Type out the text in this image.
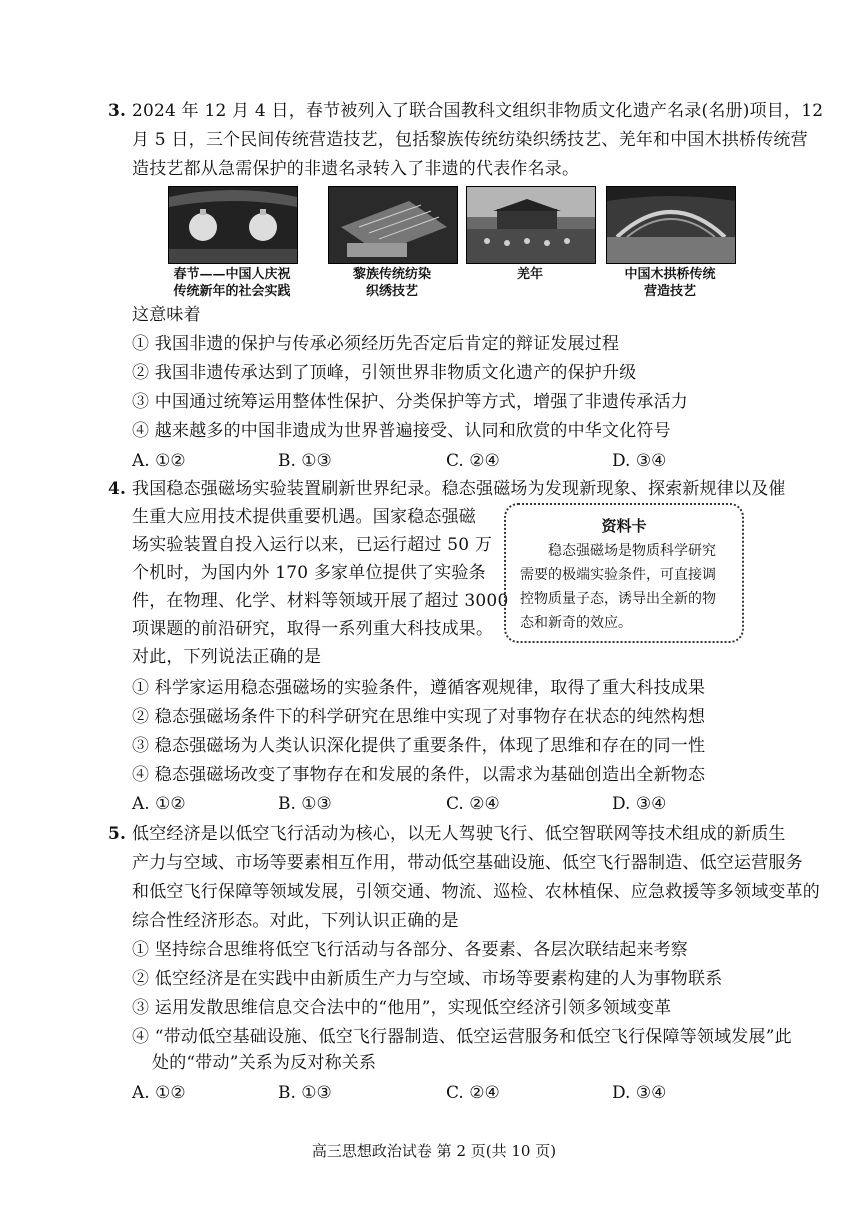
3. 2024 年 12 月 4 日，春节被列入了联合国教科文组织非物质文化遗产名录(名册)项目，12
月 5 日，三个民间传统营造技艺，包括黎族传统纺染织绣技艺、羌年和中国木拱桥传统营
造技艺都从急需保护的非遗名录转入了非遗的代表作名录。
春节——中国人庆祝
传统新年的社会实践
黎族传统纺染
织绣技艺
羌年	中国木拱桥传统
营造技艺
这意味着
① 我国非遗的保护与传承必须经历先否定后肯定的辩证发展过程
② 我国非遗传承达到了顶峰，引领世界非物质文化遗产的保护升级
③ 中国通过统筹运用整体性保护、分类保护等方式，增强了非遗传承活力
④ 越来越多的中国非遗成为世界普遍接受、认同和欣赏的中华文化符号
A. ①②	B. ①③	C. ②④	D. ③④
4. 我国稳态强磁场实验装置刷新世界纪录。稳态强磁场为发现新现象、探索新规律以及催
生重大应用技术提供重要机遇。国家稳态强磁
场实验装置自投入运行以来，已运行超过 50 万
个机时，为国内外 170 多家单位提供了实验条
件，在物理、化学、材料等领域开展了超过 3000
项课题的前沿研究，取得一系列重大科技成果。
对此，下列说法正确的是
资料卡
稳态强磁场是物质科学研究
需要的极端实验条件，可直接调
控物质量子态，诱导出全新的物
态和新奇的效应。
① 科学家运用稳态强磁场的实验条件，遵循客观规律，取得了重大科技成果
② 稳态强磁场条件下的科学研究在思维中实现了对事物存在状态的纯然构想
③ 稳态强磁场为人类认识深化提供了重要条件，体现了思维和存在的同一性
④ 稳态强磁场改变了事物存在和发展的条件，以需求为基础创造出全新物态
A. ①②	B. ①③	C. ②④	D. ③④
5. 低空经济是以低空飞行活动为核心，以无人驾驶飞行、低空智联网等技术组成的新质生
产力与空域、市场等要素相互作用，带动低空基础设施、低空飞行器制造、低空运营服务
和低空飞行保障等领域发展，引领交通、物流、巡检、农林植保、应急救援等多领域变革的
综合性经济形态。对此，下列认识正确的是
① 坚持综合思维将低空飞行活动与各部分、各要素、各层次联结起来考察
② 低空经济是在实践中由新质生产力与空域、市场等要素构建的人为事物联系
③ 运用发散思维信息交合法中的“他用”，实现低空经济引领多领域变革
④ “带动低空基础设施、低空飞行器制造、低空运营服务和低空飞行保障等领域发展”此
处的“带动”关系为反对称关系
A. ①②	B. ①③	C. ②④	D. ③④
高三思想政治试卷 第 2 页(共 10 页)
